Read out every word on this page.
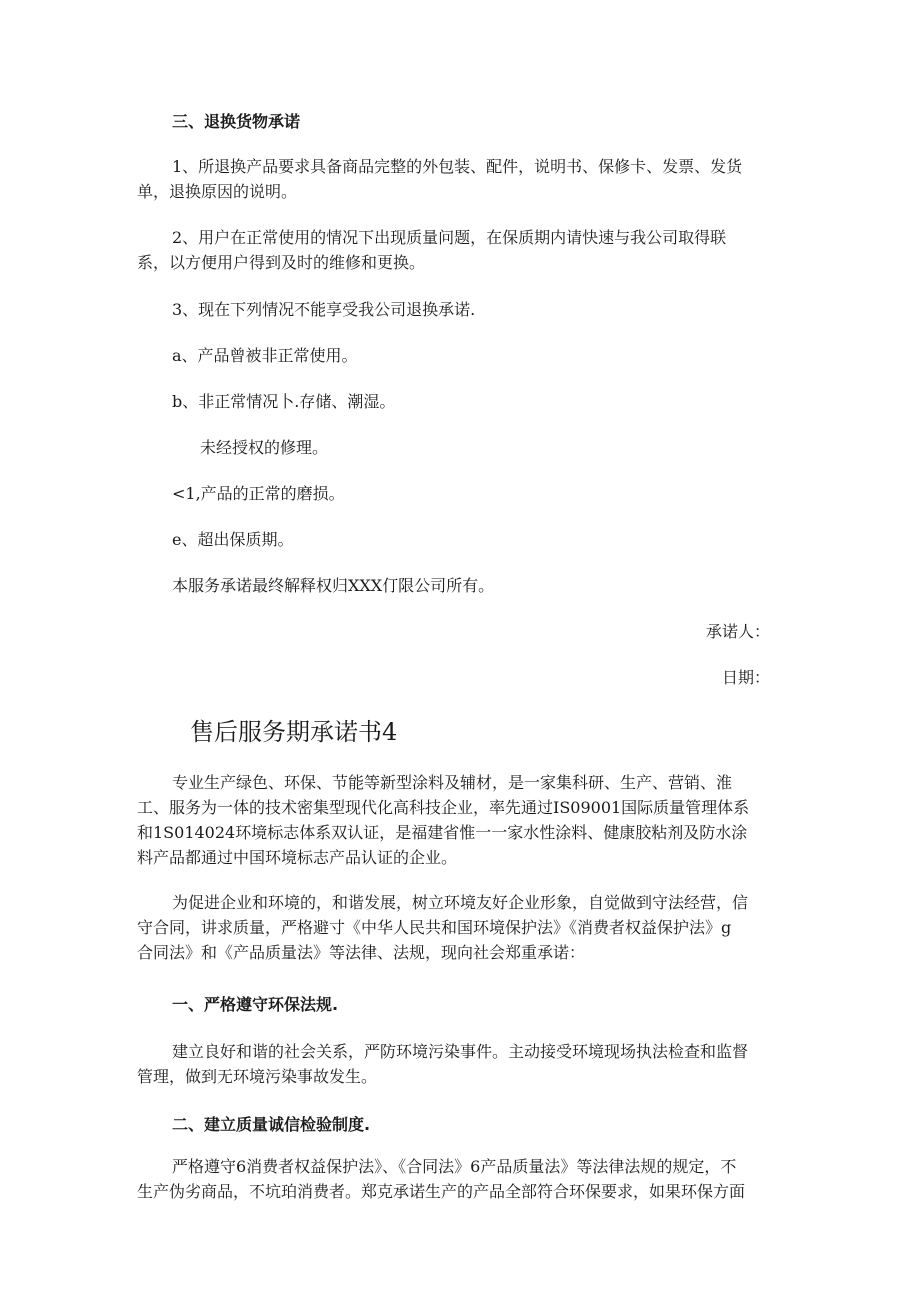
三、退换货物承诺
1、所退换产品要求具备商品完整的外包装、配件，说明书、保修卡、发票、发货
单，退换原因的说明。
2、用户在正常使用的情况下出现质量问题，在保质期内请快速与我公司取得联
系，以方便用户得到及时的维修和更换。
3、现在下列情况不能享受我公司退换承诺.
a、产品曾被非正常使用。
b、非正常情况卜.存储、潮湿。
未经授权的修理。
<1,产品的正常的磨损。
e、超出保质期。
本服务承诺最终解释权归XXX仃限公司所有。
承诺人：
日期：
售后服务期承诺书4
专业生产绿色、环保、节能等新型涂料及辅材，是一家集科研、生产、营销、淮
工、服务为一体的技术密集型现代化高科技企业，率先通过IS09001国际质量管理体系
和1S014024环境标志体系双认证，是福建省惟一一家水性涂料、健康胶粘剂及防水涂
料产品都通过中国环境标志产品认证的企业。
为促进企业和环境的，和谐发展，树立环境友好企业形象，自觉做到守法经营，信
守合同，讲求质量，严格避寸《中华人民共和国环境保护法》《消费者权益保护法》g
合同法》和《产品质量法》等法律、法规，现向社会郑重承诺：
一、严格遵守环保法规.
建立良好和谐的社会关系，严防环境污染事件。主动接受环境现场执法检查和监督
管理，做到无环境污染事故发生。
二、建立质量诚信检验制度.
严格遵守6消费者权益保护法》、《合同法》6产品质量法》等法律法规的规定，不
生产伪劣商品，不坑珀消费者。郑克承诺生产的产品全部符合环保要求，如果环保方面
